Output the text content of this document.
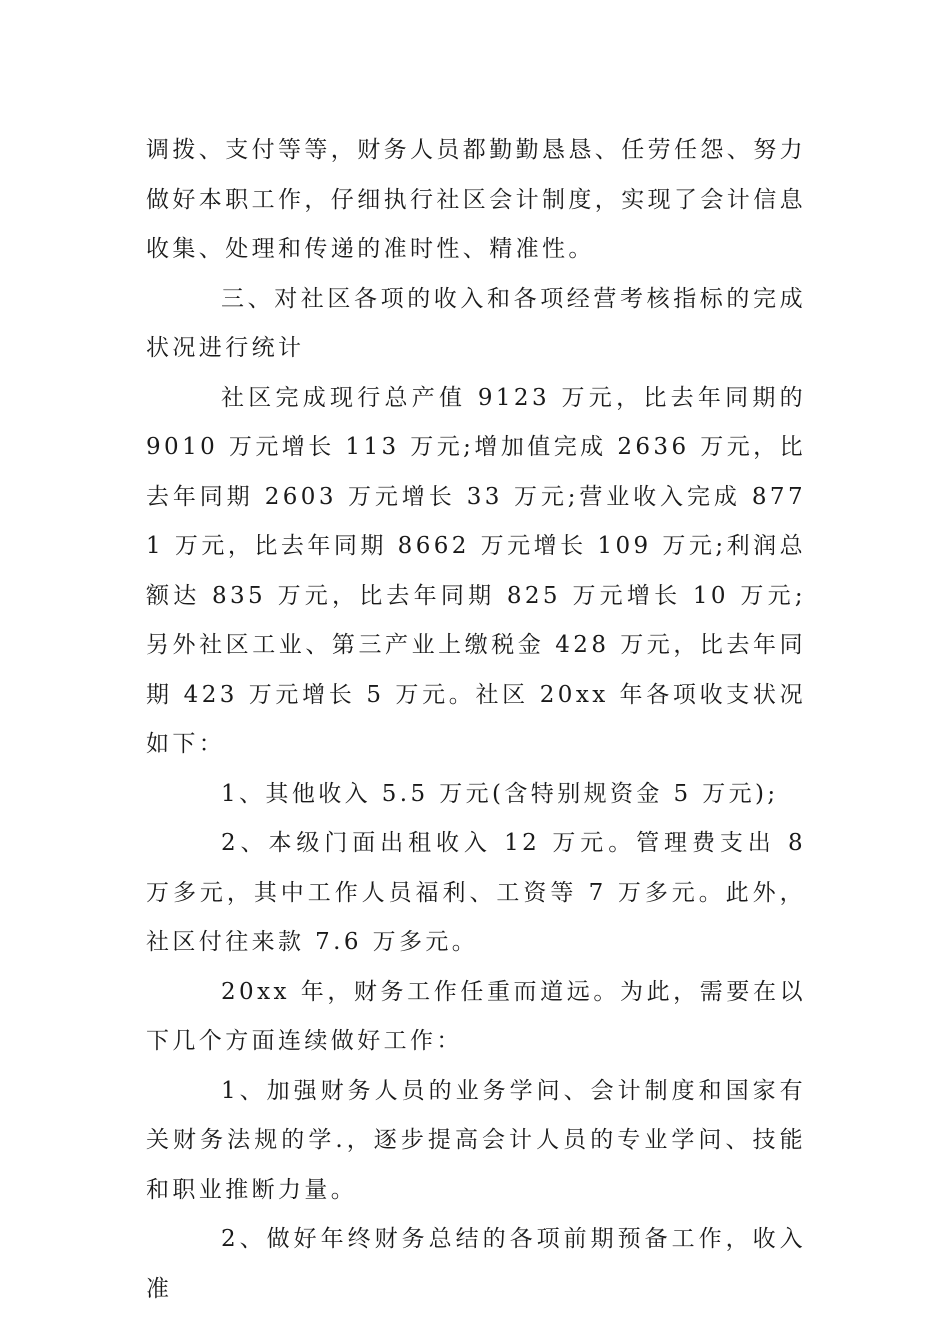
调拨、支付等等，财务人员都勤勤恳恳、任劳任怨、努力做好本职工作，仔细执行社区会计制度，实现了会计信息收集、处理和传递的准时性、精准性。

三、对社区各项的收入和各项经营考核指标的完成状况进行统计

社区完成现行总产值 9123 万元，比去年同期的 9010 万元增长 113 万元;增加值完成 2636 万元，比去年同期 2603 万元增长 33 万元;营业收入完成 8771 万元，比去年同期 8662 万元增长 109 万元;利润总额达 835 万元，比去年同期 825 万元增长 10 万元;另外社区工业、第三产业上缴税金 428 万元，比去年同期 423 万元增长 5 万元。社区 20xx 年各项收支状况如下：

1、其他收入 5.5 万元(含特别规资金 5 万元);

2、本级门面出租收入 12 万元。管理费支出 8 万多元，其中工作人员福利、工资等 7 万多元。此外，社区付往来款 7.6 万多元。

20xx 年，财务工作任重而道远。为此，需要在以下几个方面连续做好工作：

1、加强财务人员的业务学问、会计制度和国家有关财务法规的学.，逐步提高会计人员的专业学问、技能和职业推断力量。

2、做好年终财务总结的各项前期预备工作，收入准
